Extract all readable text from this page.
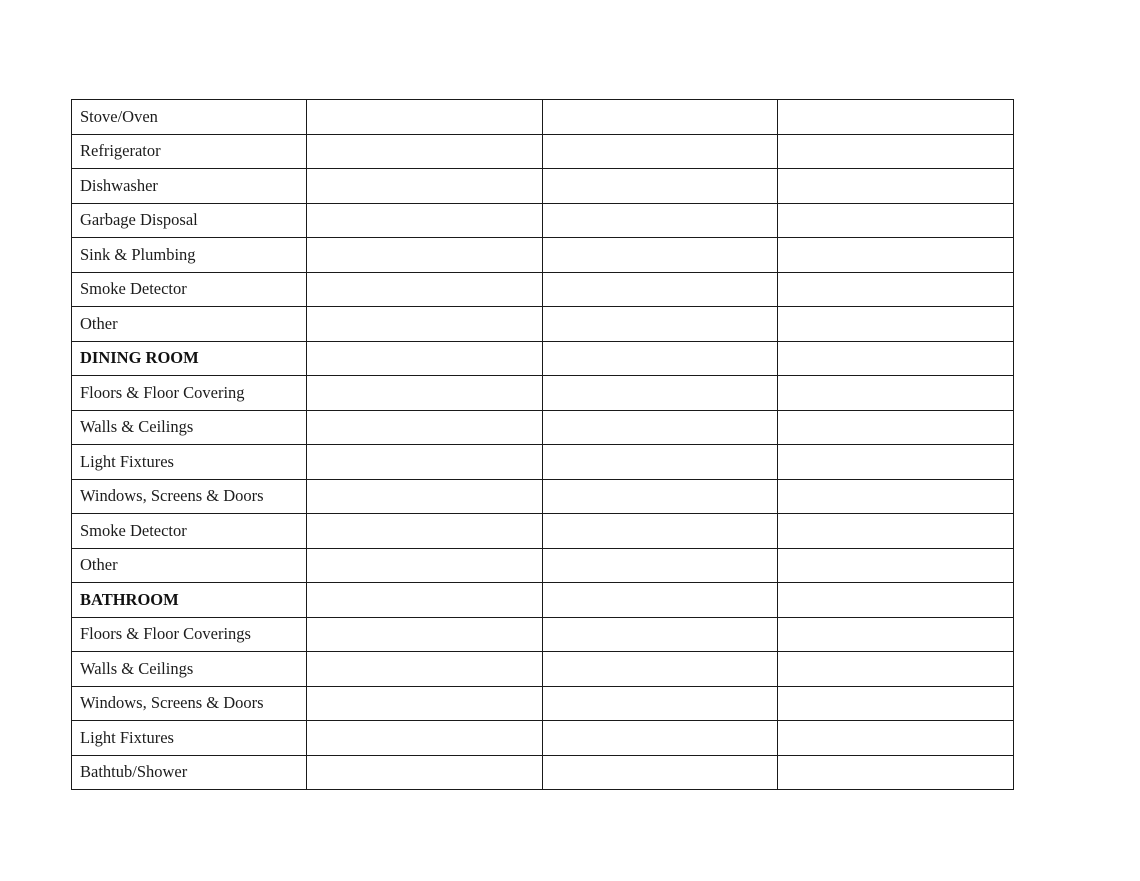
Stove/Oven			
Refrigerator			
Dishwasher			
Garbage Disposal			
Sink & Plumbing			
Smoke Detector			
Other			
DINING ROOM			
Floors & Floor Covering			
Walls & Ceilings			
Light Fixtures			
Windows, Screens & Doors			
Smoke Detector			
Other			
BATHROOM			
Floors & Floor Coverings			
Walls & Ceilings			
Windows, Screens & Doors			
Light Fixtures			
Bathtub/Shower			
